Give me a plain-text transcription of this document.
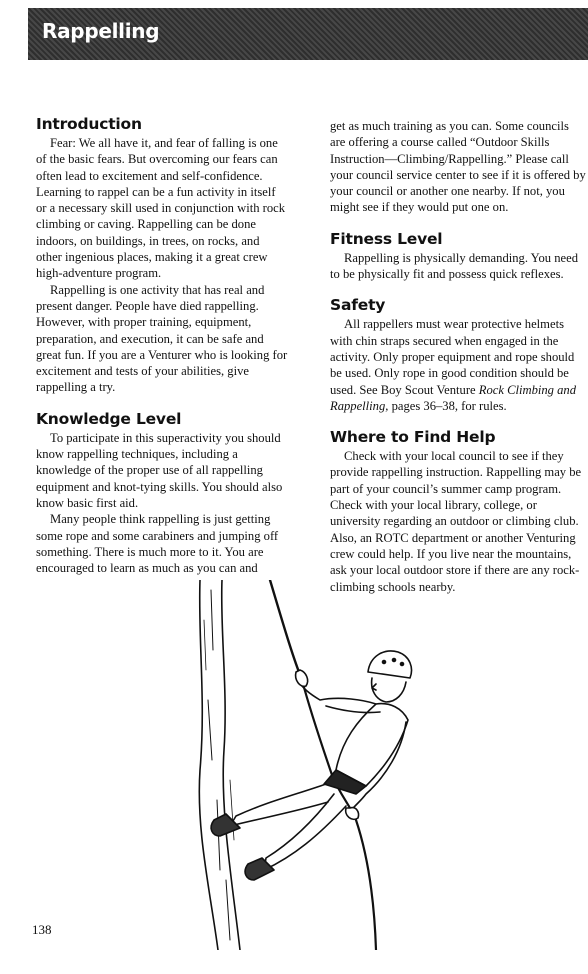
Rappelling
Introduction

Fear: We all have it, and fear of falling is one of the basic fears. But overcoming our fears can often lead to excitement and self-confidence. Learning to rappel can be a fun activity in itself or a necessary skill used in conjunction with rock climbing or caving. Rappelling can be done indoors, on buildings, in trees, on rocks, and other ingenious places, making it a great crew high-adventure program.

Rappelling is one activity that has real and present danger. People have died rappelling. However, with proper training, equipment, preparation, and execution, it can be safe and great fun. If you are a Venturer who is looking for excitement and tests of your abilities, give rappelling a try.

Knowledge Level

To participate in this superactivity you should know rappelling techniques, including a knowledge of the proper use of all rappelling equipment and knot-tying skills. You should also know basic first aid.

Many people think rappelling is just getting some rope and some carabiners and jumping off something. There is much more to it. You are encouraged to learn as much as you can and

get as much training as you can. Some councils are offering a course called “Outdoor Skills Instruction—Climbing/Rappelling.” Please call your council service center to see if it is offered by your council or another one nearby. If not, you might see if they would put one on.

Fitness Level

Rappelling is physically demanding. You need to be physically fit and possess quick reflexes.

Safety

All rappellers must wear protective helmets with chin straps secured when engaged in the activity. Only proper equipment and rope should be used. Only rope in good condition should be used. See Boy Scout Venture Rock Climbing and Rappelling, pages 36–38, for rules.

Where to Find Help

Check with your local council to see if they provide rappelling instruction. Rappelling may be part of your council’s summer camp program. Check with your local library, college, or university regarding an outdoor or climbing club. Also, an ROTC department or another Venturing crew could help. If you live near the mountains, ask your local outdoor store if there are any rock-climbing schools nearby.

138
